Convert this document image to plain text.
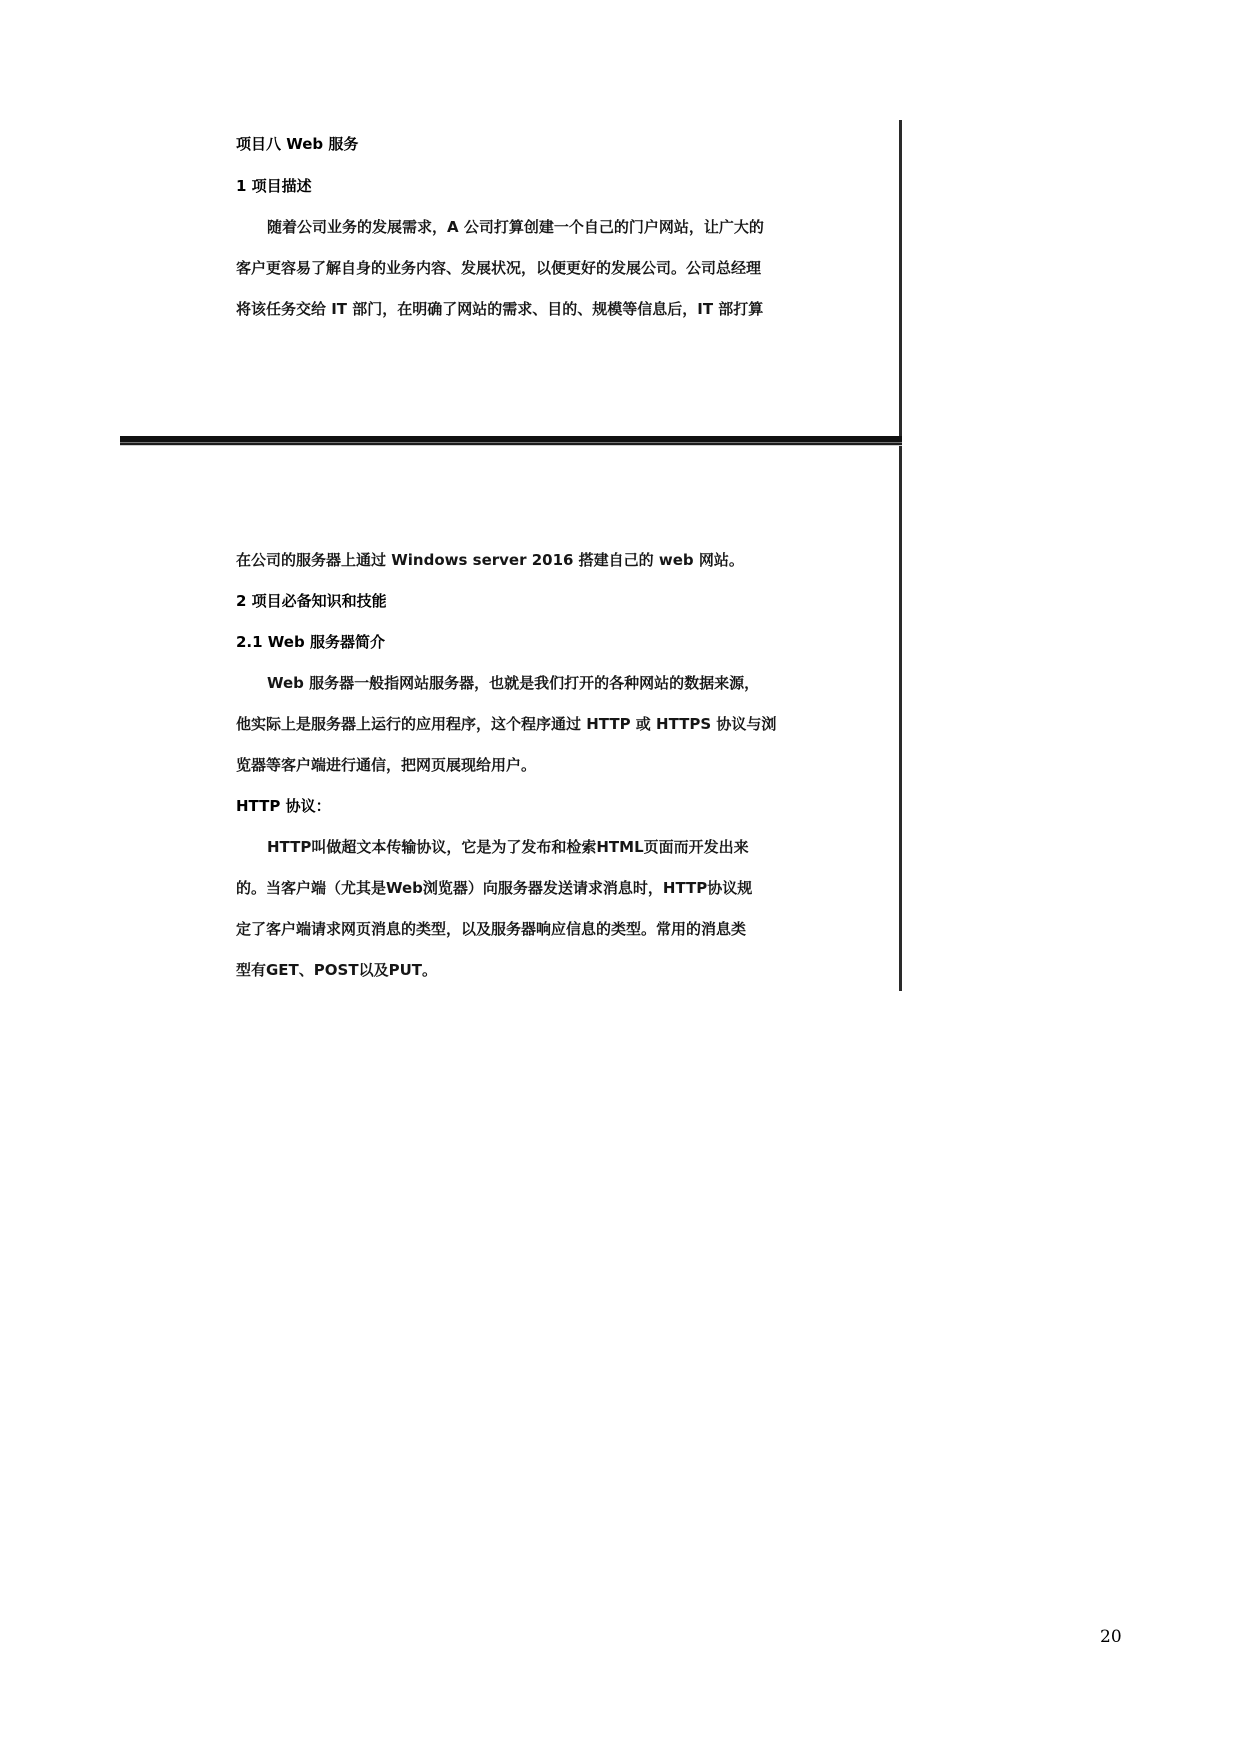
项目八 Web 服务
1 项目描述
随着公司业务的发展需求，A 公司打算创建一个自己的门户网站，让广大的
客户更容易了解自身的业务内容、发展状况，以便更好的发展公司。公司总经理
将该任务交给 IT 部门，在明确了网站的需求、目的、规模等信息后，IT 部打算
在公司的服务器上通过 Windows server 2016 搭建自己的 web 网站。
2 项目必备知识和技能
2.1 Web 服务器简介
Web 服务器一般指网站服务器，也就是我们打开的各种网站的数据来源，
他实际上是服务器上运行的应用程序，这个程序通过 HTTP 或 HTTPS 协议与浏
览器等客户端进行通信，把网页展现给用户。
HTTP 协议：
HTTP叫做超文本传输协议，它是为了发布和检索HTML页面而开发出来
的。当客户端（尤其是Web浏览器）向服务器发送请求消息时，HTTP协议规
定了客户端请求网页消息的类型，以及服务器响应信息的类型。常用的消息类
型有GET、POST以及PUT。
20
